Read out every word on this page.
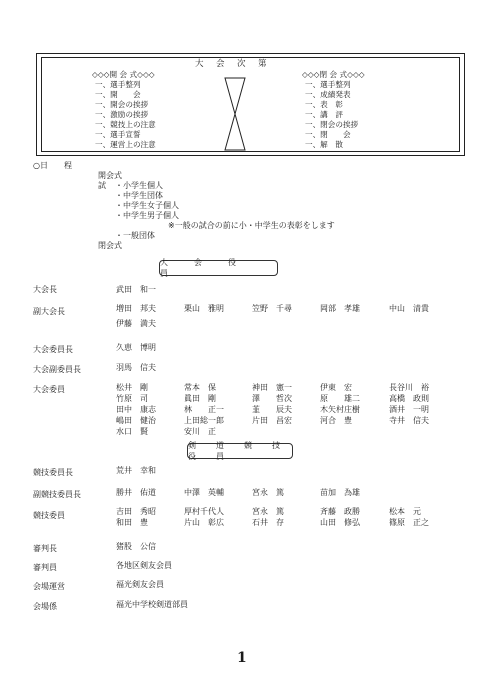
大　会　次　第
◇◇◇開 会 式◇◇◇	◇◇◇閉 会 式◇◇◇
一、選手整列
一、開　　会
一、開会の挨拶
一、激励の挨拶
一、競技上の注意
一、選手宣誓
一、運営上の注意
一、選手整列
一、成績発表
一、表　彰
一、講　評
一、閉会の挨拶
一、閉　　会
一、解　散
○日　　程
開会式
試 ・小学生個人
・中学生団体
・中学生女子個人
・中学生男子個人
※一般の試合の前に小・中学生の表彰をします
・一般団体
閉会式
大　会　役　員
大会長	武田　和一
副大会長	増田　邦夫	栗山　雅明	笠野　千尋	岡部　孝雄	中山　清貴
伊藤　満夫
大会委員長	久恵　博明
大会副委員長	羽馬　信夫
大会委員	松井　剛	常本　保	神田　憲一	伊東　宏	長谷川　裕
竹原　司	眞田　剛	澤　　哲次	原　　雄二	高橋　政則
田中　康志	林　　正一	韮　　辰夫	木矢村庄樹	酒井　一明
嶋田　健治	上田総一郎	片田　昌宏	河合　豊	寺井　信夫
水口　賢	安川　正
剣　道　競　技　役　員
競技委員長	荒井　幸和
副競技委員長	勝井　佑道	中澤　英輔	宮永　篤	苗加　為雄
競技委員	吉田　秀昭	厚村千代人	宮永　篤	斉藤　政勝	松本　元
和田　豊	片山　彰広	石井　存	山田　修弘	篠原　正之
審判長	猪股　公信
審判員	各地区剣友会員
会場運営	福光剣友会員
会場係	福光中学校剣道部員
1
